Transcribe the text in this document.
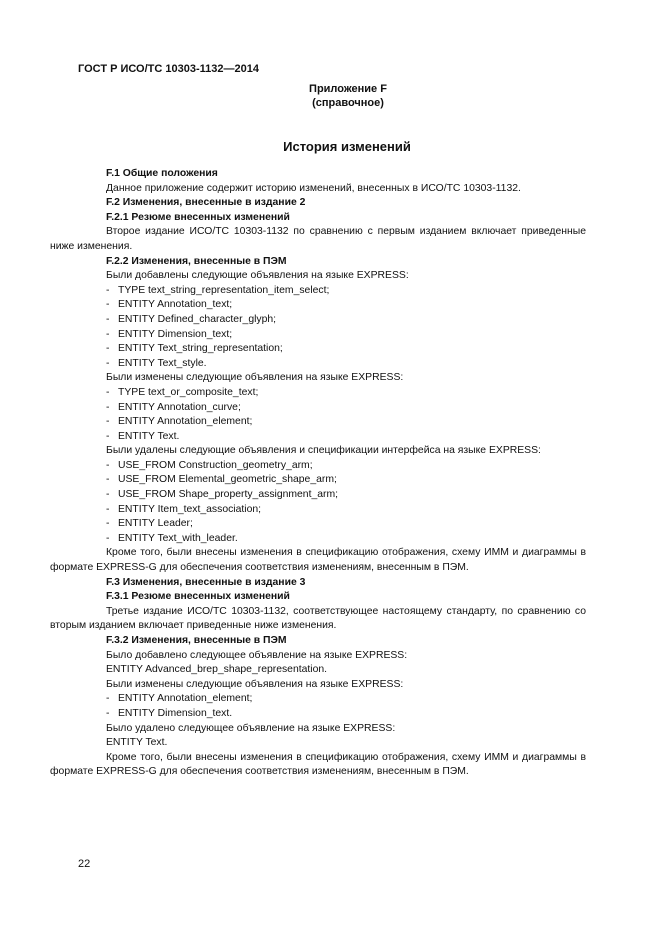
ГОСТ Р ИСО/ТС 10303-1132—2014
Приложение F
(справочное)
История изменений
F.1 Общие положения
Данное приложение содержит историю изменений, внесенных в ИСО/ТС 10303-1132.
F.2 Изменения, внесенные в издание 2
F.2.1 Резюме внесенных изменений
Второе издание ИСО/ТС 10303-1132 по сравнению с первым изданием включает приведенные
ниже изменения.
F.2.2 Изменения, внесенные в ПЭМ
Были добавлены следующие объявления на языке EXPRESS:
- TYPE text_string_representation_item_select;
- ENTITY Annotation_text;
- ENTITY Defined_character_glyph;
- ENTITY Dimension_text;
- ENTITY Text_string_representation;
- ENTITY Text_style.
Были изменены следующие объявления на языке EXPRESS:
- TYPE text_or_composite_text;
- ENTITY Annotation_curve;
- ENTITY Annotation_element;
- ENTITY Text.
Были удалены следующие объявления и спецификации интерфейса на языке EXPRESS:
- USE_FROM Construction_geometry_arm;
- USE_FROM Elemental_geometric_shape_arm;
- USE_FROM Shape_property_assignment_arm;
- ENTITY Item_text_association;
- ENTITY Leader;
- ENTITY Text_with_leader.
Кроме того, были внесены изменения в спецификацию отображения, схему ИММ и диаграммы в
формате EXPRESS-G для обеспечения соответствия изменениям, внесенным в ПЭМ.
F.3 Изменения, внесенные в издание 3
F.3.1 Резюме внесенных изменений
Третье издание ИСО/ТС 10303-1132, соответствующее настоящему стандарту, по сравнению со
вторым изданием включает приведенные ниже изменения.
F.3.2 Изменения, внесенные в ПЭМ
Было добавлено следующее объявление на языке EXPRESS:
ENTITY Advanced_brep_shape_representation.
Были изменены следующие объявления на языке EXPRESS:
- ENTITY Annotation_element;
- ENTITY Dimension_text.
Было удалено следующее объявление на языке EXPRESS:
ENTITY Text.
Кроме того, были внесены изменения в спецификацию отображения, схему ИММ и диаграммы в
формате EXPRESS-G для обеспечения соответствия изменениям, внесенным в ПЭМ.
22
